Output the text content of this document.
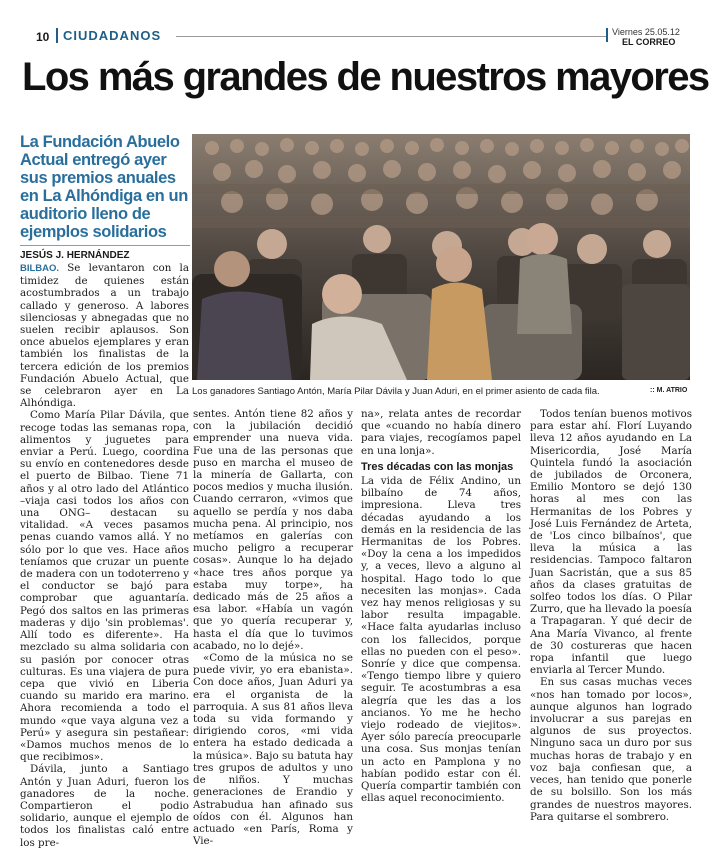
10	CIUDADANOS	Viernes 25.05.12
EL CORREO
Los más grandes de nuestros mayores
La Fundación Abuelo Actual entregó ayer sus premios anuales en La Alhóndiga en un auditorio lleno de ejemplos solidarios
JESÚS J. HERNÁNDEZ
Los ganadores Santiago Antón, María Pilar Dávila y Juan Aduri, en el primer asiento de cada fila.	:: M. ATRIO

BILBAO. Se levantaron con la timidez de quienes están acostumbrados a un trabajo callado y generoso. A labores silenciosas y abnegadas que no suelen recibir aplausos. Son once abuelos ejemplares y eran también los finalistas de la tercera edición de los premios Fundación Abuelo Actual, que se celebraron ayer en La Alhóndiga.

Como María Pilar Dávila, que recoge todas las semanas ropa, alimentos y juguetes para enviar a Perú. Luego, coordina su envío en contenedores desde el puerto de Bilbao. Tiene 71 años y al otro lado del Atlántico –viaja casi todos los años con una ONG– destacan su vitalidad. «A veces pasamos penas cuando vamos allá. Y no sólo por lo que ves. Hace años teníamos que cruzar un puente de madera con un todoterreno y el conductor se bajó para comprobar que aguantaría. Pegó dos saltos en las primeras maderas y dijo 'sin problemas'. Allí todo es diferente». Ha mezclado su alma solidaria con su pasión por conocer otras culturas. Es una viajera de pura cepa que vivió en Liberia cuando su marido era marino. Ahora recomienda a todo el mundo «que vaya alguna vez a Perú» y asegura sin pestañear: «Damos muchos menos de lo que recibimos».

Dávila, junto a Santiago Antón y Juan Aduri, fueron los ganadores de la noche. Compartieron el podio solidario, aunque el ejemplo de todos los finalistas caló entre los pre-

sentes. Antón tiene 82 años y con la jubilación decidió emprender una nueva vida. Fue una de las personas que puso en marcha el museo de la minería de Gallarta, con pocos medios y mucha ilusión. Cuando cerraron, «vimos que aquello se perdía y nos daba mucha pena. Al principio, nos metíamos en galerías con mucho peligro a recuperar cosas». Aunque lo ha dejado «hace tres años porque ya estaba muy torpe», ha dedicado más de 25 años a esa labor. «Había un vagón que yo quería recuperar y, hasta el día que lo tuvimos acabado, no lo dejé».

«Como de la música no se puede vivir, yo era ebanista». Con doce años, Juan Aduri ya era el organista de la parroquia. A sus 81 años lleva toda su vida formando y dirigiendo coros, «mi vida entera ha estado dedicada a la música». Bajo su batuta hay tres grupos de adultos y uno de niños. Y muchas generaciones de Erandio y Astrabudua han afinado sus oídos con él. Algunos han actuado «en París, Roma y Vie-

na», relata antes de recordar que «cuando no había dinero para viajes, recogíamos papel en una lonja».

Tres décadas con las monjas

La vida de Félix Andino, un bilbaíno de 74 años, impresiona. Lleva tres décadas ayudando a los demás en la residencia de las Hermanitas de los Pobres. «Doy la cena a los impedidos y, a veces, llevo a alguno al hospital. Hago todo lo que necesiten las monjas». Cada vez hay menos religiosas y su labor resulta impagable. «Hace falta ayudarlas incluso con los fallecidos, porque ellas no pueden con el peso». Sonríe y dice que compensa. «Tengo tiempo libre y quiero seguir. Te acostumbras a esa alegría que les das a los ancianos. Yo me he hecho viejo rodeado de viejitos». Ayer sólo parecía preocuparle una cosa. Sus monjas tenían un acto en Pamplona y no habían podido estar con él. Quería compartir también con ellas aquel reconocimiento.

Todos tenían buenos motivos para estar ahí. Florí Luyando lleva 12 años ayudando en La Misericordia, José María Quintela fundó la asociación de jubilados de Orconera, Emilio Montoro se dejó 130 horas al mes con las Hermanitas de los Pobres y José Luis Fernández de Arteta, de 'Los cinco bilbaínos', que lleva la música a las residencias. Tampoco faltaron Juan Sacristán, que a sus 85 años da clases gratuitas de solfeo todos los días. O Pilar Zurro, que ha llevado la poesía a Trapagaran. Y qué decir de Ana María Vivanco, al frente de 30 costureras que hacen ropa infantil que luego enviarla al Tercer Mundo.

En sus casas muchas veces «nos han tomado por locos», aunque algunos han logrado involucrar a sus parejas en algunos de sus proyectos. Ninguno saca un duro por sus muchas horas de trabajo y en voz baja confiesan que, a veces, han tenido que ponerle de su bolsillo. Son los más grandes de nuestros mayores. Para quitarse el sombrero.
